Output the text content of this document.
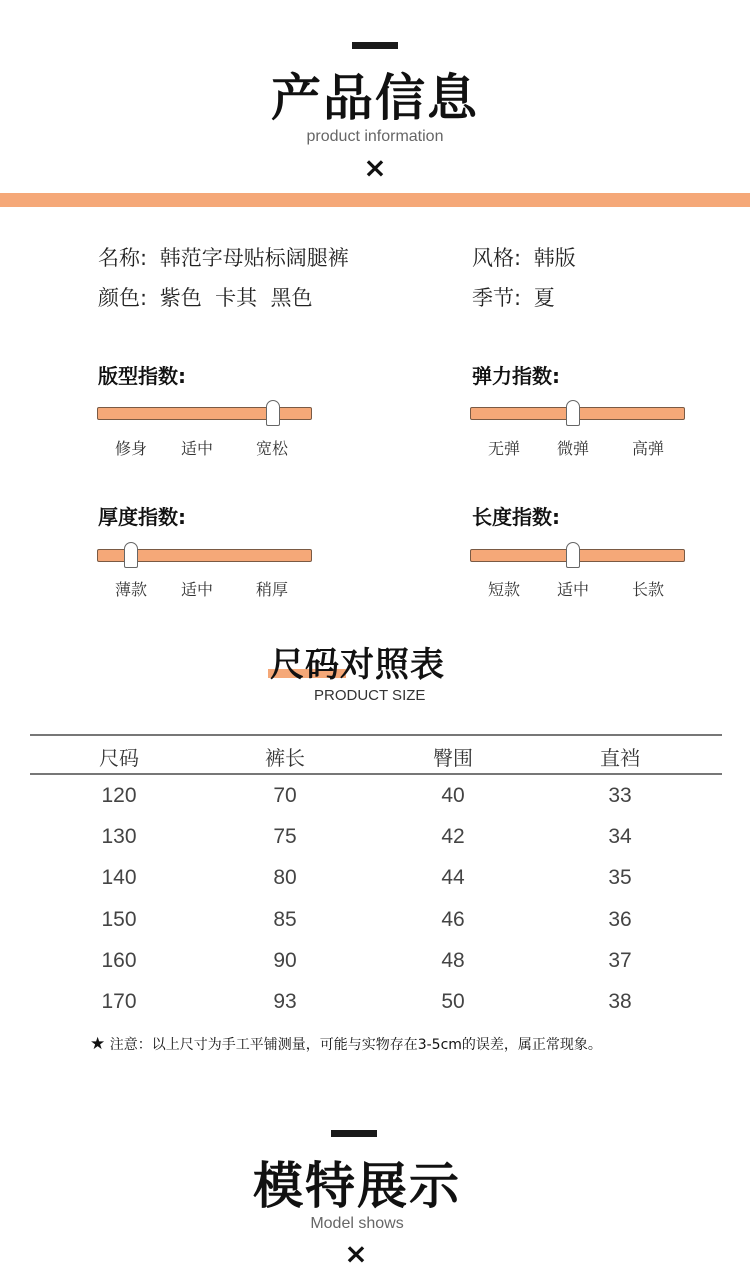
产品信息
product information
×
名称: 韩范字母贴标阔腿裤	风格: 韩版
颜色: 紫色  卡其  黑色	季节: 夏
版型指数:
修身 适中	宽松
弹力指数:
无弹 微弹	高弹
厚度指数:
薄款 适中	稍厚
长度指数:
短款 适中	长款
尺码对照表
PRODUCT SIZE
尺码	裤长	臀围	直裆
120	70	40	33
130	75	42	34
140	80	44	35
150	85	46	36
160	90	48	37
170	93	50	38
★ 注意：以上尺寸为手工平铺测量，可能与实物存在3-5cm的误差，属正常现象。
模特展示
Model shows
×
